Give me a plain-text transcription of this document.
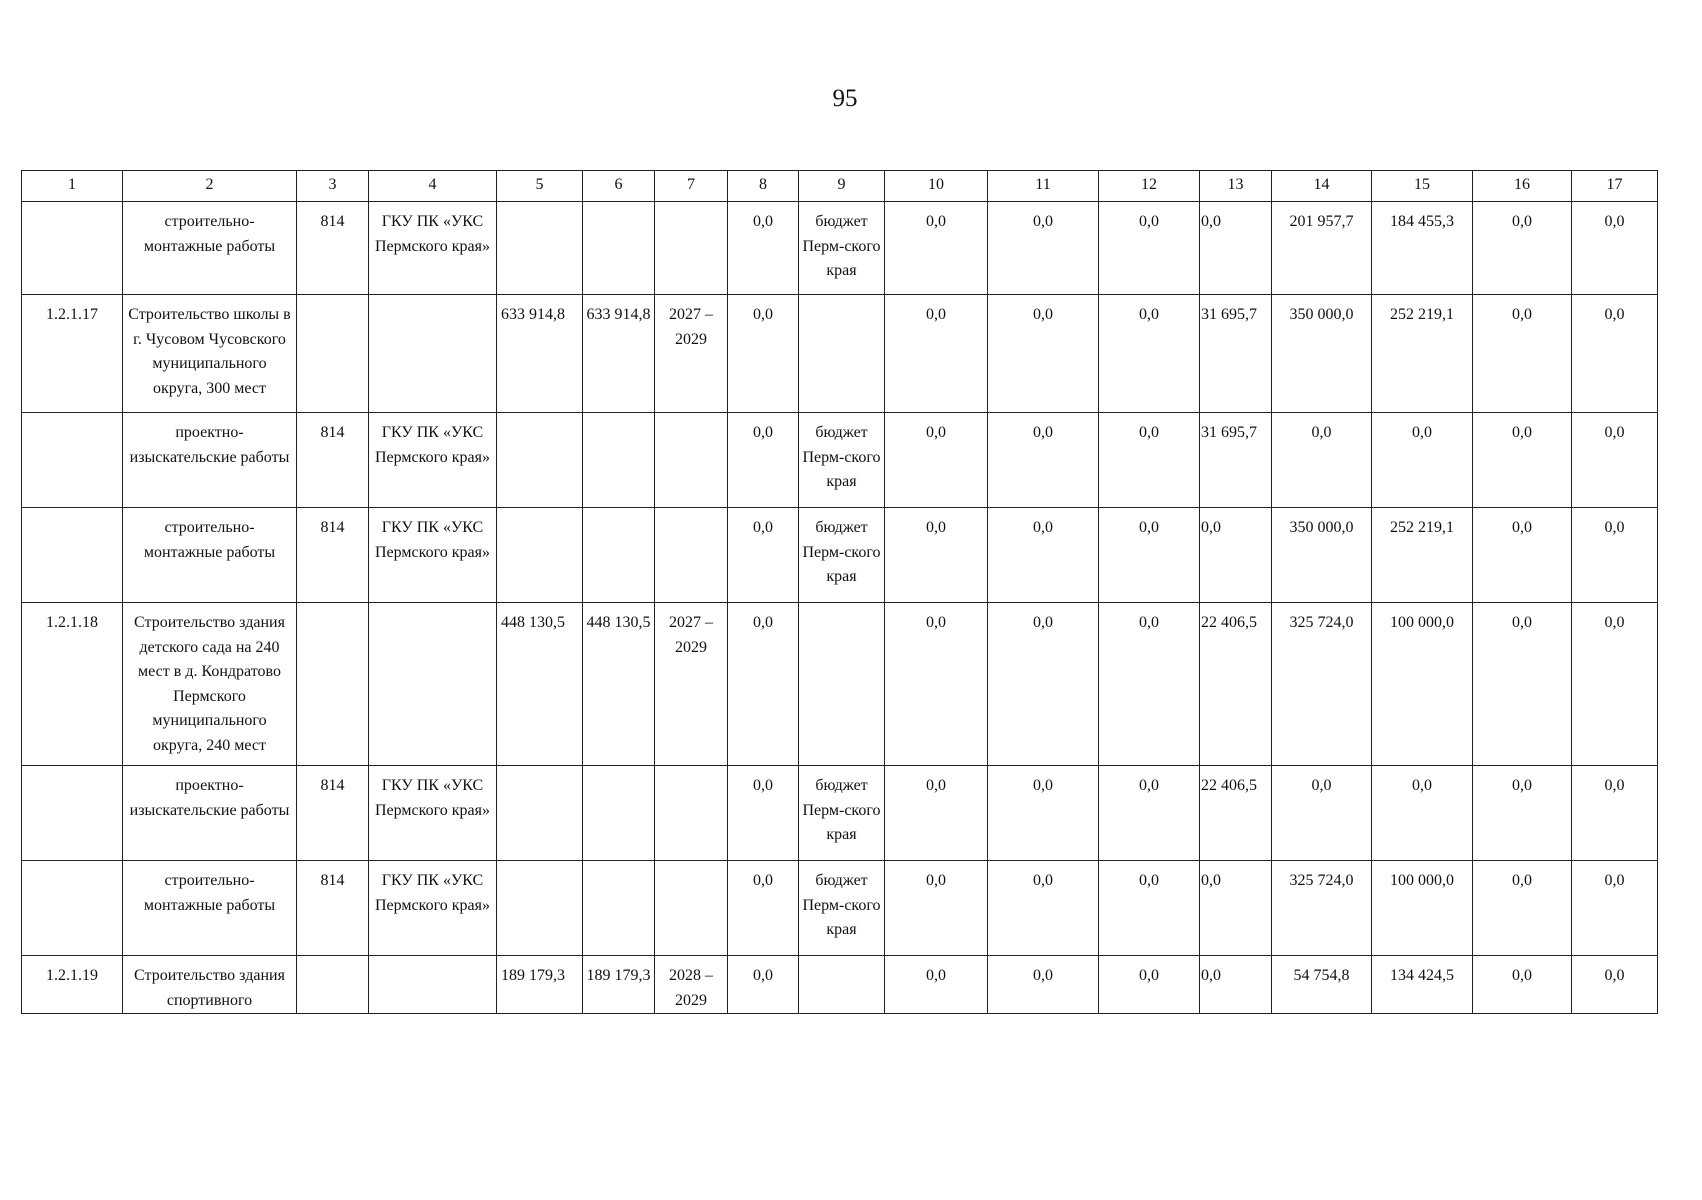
95
1	2	3	4	5	6	7	8	9	10	11	12	13	14	15	16	17
	строительно-монтажные работы	814	ГКУ ПК «УКС Пермского края»				0,0	бюджет Перм-ского края	0,0	0,0	0,0	0,0	201 957,7	184 455,3	0,0	0,0
1.2.1.17	Строительство школы в г. Чусовом Чусовского муниципального округа, 300 мест			633 914,8	633 914,8	2027 – 2029	0,0		0,0	0,0	0,0	31 695,7	350 000,0	252 219,1	0,0	0,0
	проектно-изыскательские работы	814	ГКУ ПК «УКС Пермского края»				0,0	бюджет Перм-ского края	0,0	0,0	0,0	31 695,7	0,0	0,0	0,0	0,0
	строительно-монтажные работы	814	ГКУ ПК «УКС Пермского края»				0,0	бюджет Перм-ского края	0,0	0,0	0,0	0,0	350 000,0	252 219,1	0,0	0,0
1.2.1.18	Строительство здания детского сада на 240 мест в д. Кондратово Пермского муниципального округа, 240 мест			448 130,5	448 130,5	2027 – 2029	0,0		0,0	0,0	0,0	22 406,5	325 724,0	100 000,0	0,0	0,0
	проектно-изыскательские работы	814	ГКУ ПК «УКС Пермского края»				0,0	бюджет Перм-ского края	0,0	0,0	0,0	22 406,5	0,0	0,0	0,0	0,0
	строительно-монтажные работы	814	ГКУ ПК «УКС Пермского края»				0,0	бюджет Перм-ского края	0,0	0,0	0,0	0,0	325 724,0	100 000,0	0,0	0,0
1.2.1.19	Строительство здания спортивного			189 179,3	189 179,3	2028 – 2029	0,0		0,0	0,0	0,0	0,0	54 754,8	134 424,5	0,0	0,0
